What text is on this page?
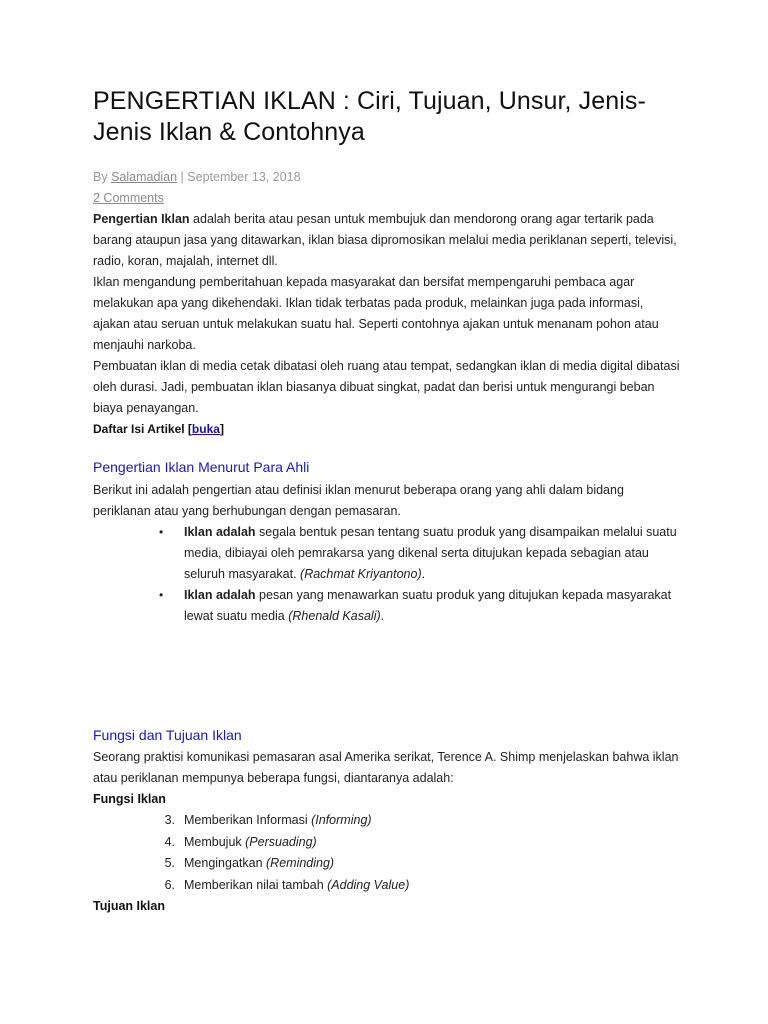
PENGERTIAN IKLAN : Ciri, Tujuan, Unsur, Jenis-Jenis Iklan & Contohnya
By Salamadian | September 13, 2018
2 Comments

Pengertian Iklan adalah berita atau pesan untuk membujuk dan mendorong orang agar tertarik pada barang ataupun jasa yang ditawarkan, iklan biasa dipromosikan melalui media periklanan seperti, televisi, radio, koran, majalah, internet dll.

Iklan mengandung pemberitahuan kepada masyarakat dan bersifat mempengaruhi pembaca agar melakukan apa yang dikehendaki. Iklan tidak terbatas pada produk, melainkan juga pada informasi, ajakan atau seruan untuk melakukan suatu hal. Seperti contohnya ajakan untuk menanam pohon atau menjauhi narkoba.

Pembuatan iklan di media cetak dibatasi oleh ruang atau tempat, sedangkan iklan di media digital dibatasi oleh durasi. Jadi, pembuatan iklan biasanya dibuat singkat, padat dan berisi untuk mengurangi beban biaya penayangan.

Daftar Isi Artikel [buka]
Pengertian Iklan Menurut Para Ahli

Berikut ini adalah pengertian atau definisi iklan menurut beberapa orang yang ahli dalam bidang periklanan atau yang berhubungan dengan pemasaran.

• Iklan adalah segala bentuk pesan tentang suatu produk yang disampaikan melalui suatu media, dibiayai oleh pemrakarsa yang dikenal serta ditujukan kepada sebagian atau seluruh masyarakat. (Rachmat Kriyantono).
• Iklan adalah pesan yang menawarkan suatu produk yang ditujukan kepada masyarakat lewat suatu media (Rhenald Kasali).
Fungsi dan Tujuan Iklan

Seorang praktisi komunikasi pemasaran asal Amerika serikat, Terence A. Shimp menjelaskan bahwa iklan atau periklanan mempunya beberapa fungsi, diantaranya adalah:

Fungsi Iklan
3. Memberikan Informasi (Informing)
4. Membujuk (Persuading)
5. Mengingatkan (Reminding)
6. Memberikan nilai tambah (Adding Value)
Tujuan Iklan
